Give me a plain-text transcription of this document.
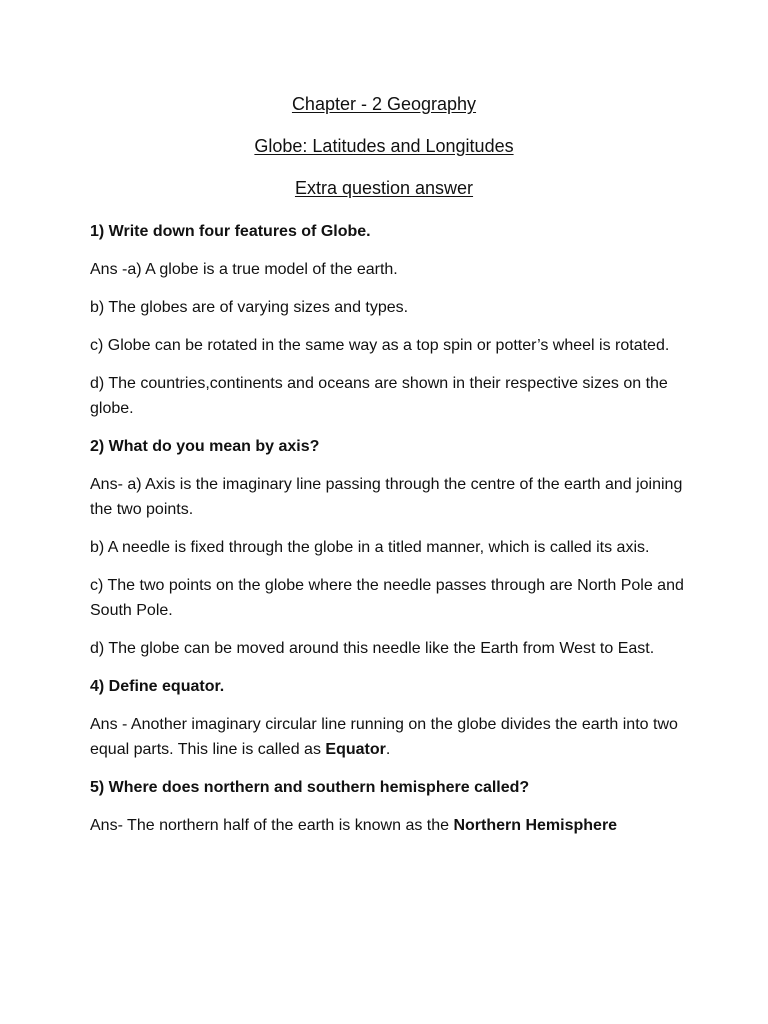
Chapter - 2 Geography
Globe: Latitudes and Longitudes
Extra question answer
1) Write down four features of Globe.
Ans -a) A globe is a true model of the earth.
b) The globes are of varying sizes and types.
c) Globe can be rotated in the same way as a top spin or potter’s wheel is rotated.
d) The countries,continents and oceans are shown in their respective sizes on the globe.
2) What do you mean by axis?
Ans- a) Axis is the imaginary line passing through the centre of the earth and joining the two points.
b) A needle is fixed through the globe in a titled manner, which is called its axis.
c) The two points on the globe where the needle passes through are North Pole and South Pole.
d) The globe can be moved around this needle like the Earth from West to East.
4) Define equator.
Ans - Another imaginary circular line running on the globe divides the earth into two equal parts. This line is called as Equator.
5) Where does northern and southern hemisphere called?
Ans- The northern half of the earth is known as the Northern Hemisphere
